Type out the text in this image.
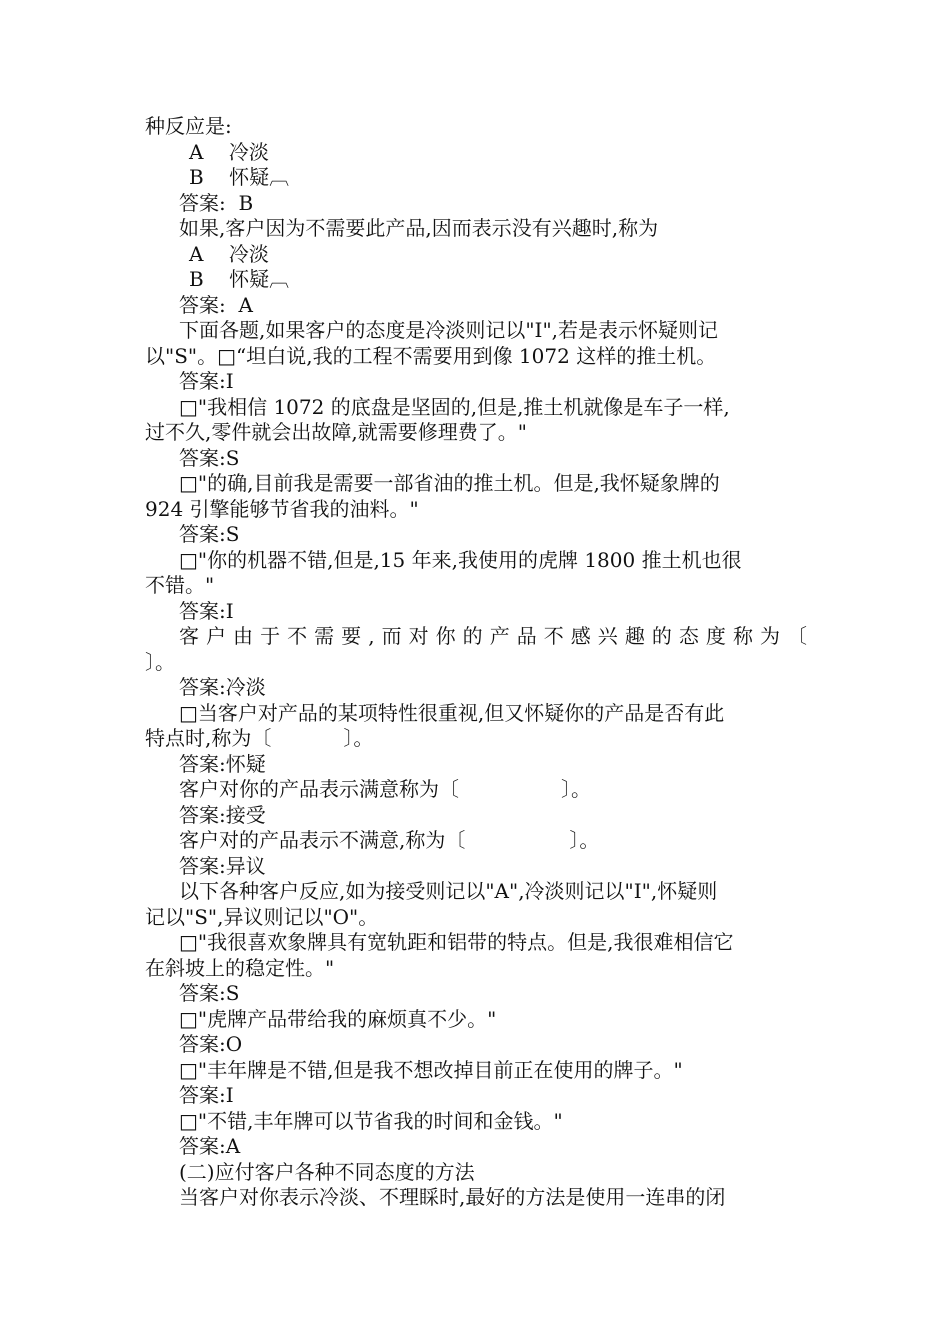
种反应是:
A    冷淡
B    怀疑︹
答案:  B
如果,客户因为不需要此产品,因而表示没有兴趣时,称为
A    冷淡
B    怀疑︹
答案:  A
下面各题,如果客户的态度是冷淡则记以"I",若是表示怀疑则记
以"S"。□“坦白说,我的工程不需要用到像 1072 这样的推土机。
答案:I
□"我相信 1072 的底盘是坚固的,但是,推土机就像是车子一样,
过不久,零件就会出故障,就需要修理费了。"
答案:S
□"的确,目前我是需要一部省油的推土机。但是,我怀疑象牌的
924 引擎能够节省我的油料。"
答案:S
□"你的机器不错,但是,15 年来,我使用的虎牌 1800 推土机也很
不错。"
答案:I
客户由于不需要,而对你的产品不感兴趣的态度称为〔
〕。
答案:冷淡
□当客户对产品的某项特性很重视,但又怀疑你的产品是否有此
特点时,称为〔	〕。
答案:怀疑
客户对你的产品表示满意称为〔	〕。
答案:接受
客户对的产品表示不满意,称为〔	〕。
答案:异议
以下各种客户反应,如为接受则记以"A",冷淡则记以"I",怀疑则
记以"S",异议则记以"O"。
□"我很喜欢象牌具有宽轨距和铝带的特点。但是,我很难相信它
在斜坡上的稳定性。"
答案:S
□"虎牌产品带给我的麻烦真不少。"
答案:O
□"丰年牌是不错,但是我不想改掉目前正在使用的牌子。"
答案:I
□"不错,丰年牌可以节省我的时间和金钱。"
答案:A
(二)应付客户各种不同态度的方法
当客户对你表示冷淡、不理睬时,最好的方法是使用一连串的闭
